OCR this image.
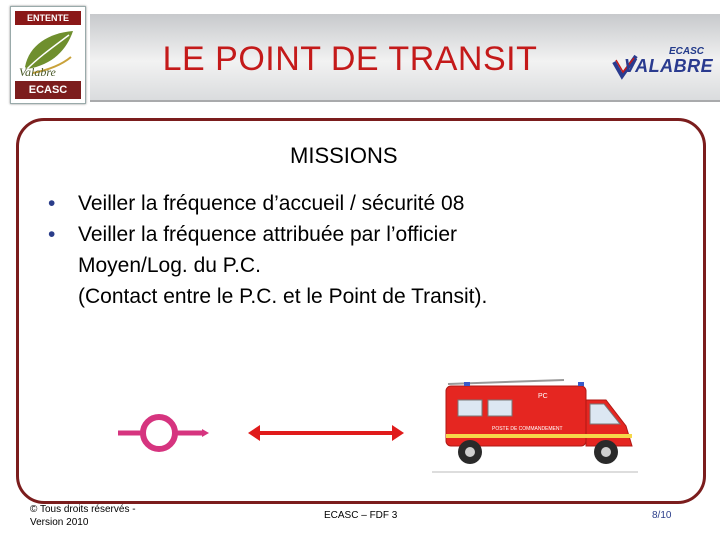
LE POINT DE TRANSIT
ENTENTE
Valabre
ECASC
ECASC
VALABRE
MISSIONS
•	Veiller la fréquence d’accueil / sécurité 08
•	Veiller la fréquence attribuée par l’officier
Moyen/Log. du P.C.
(Contact entre le P.C. et le Point de Transit).
PC
POSTE DE COMMANDEMENT
© Tous droits réservés -
Version 2010
ECASC – FDF 3	8/10
